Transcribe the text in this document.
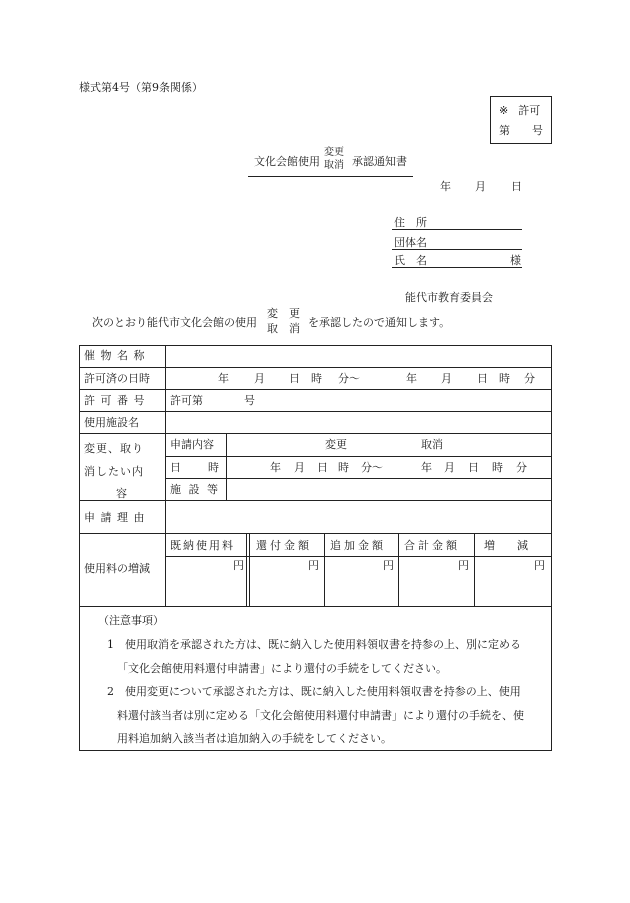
様式第4号（第9条関係）
※ 許可
第 号
文化会館使用
変更
取消 承認通知書
年 月 日
住　所
団体名
氏　名	様
能代市教育委員会
次のとおり能代市文化会館の使用
変　更
取　消 を承認したので通知します。
催 物 名 称
許可済の日時	年 月 日 時 分～	年 月 日 時 分
許 可 番 号 許可第	号
使用施設名
変更、取り
消したい内
容
申請内容	変更	取消
日 時	年 月 日 時 分～	年 月 日 時 分
施 設 等
申 請 理 由
使用料の増減
既納使用料 還付金額 追加金額 合計金額 増　　減
円	円	円	円	円
（注意事項）
1　使用取消を承認された方は、既に納入した使用料領収書を持参の上、別に定める
「文化会館使用料還付申請書」により還付の手続をしてください。
2　使用変更について承認された方は、既に納入した使用料領収書を持参の上、使用
料還付該当者は別に定める「文化会館使用料還付申請書」により還付の手続を、使
用料追加納入該当者は追加納入の手続をしてください。
